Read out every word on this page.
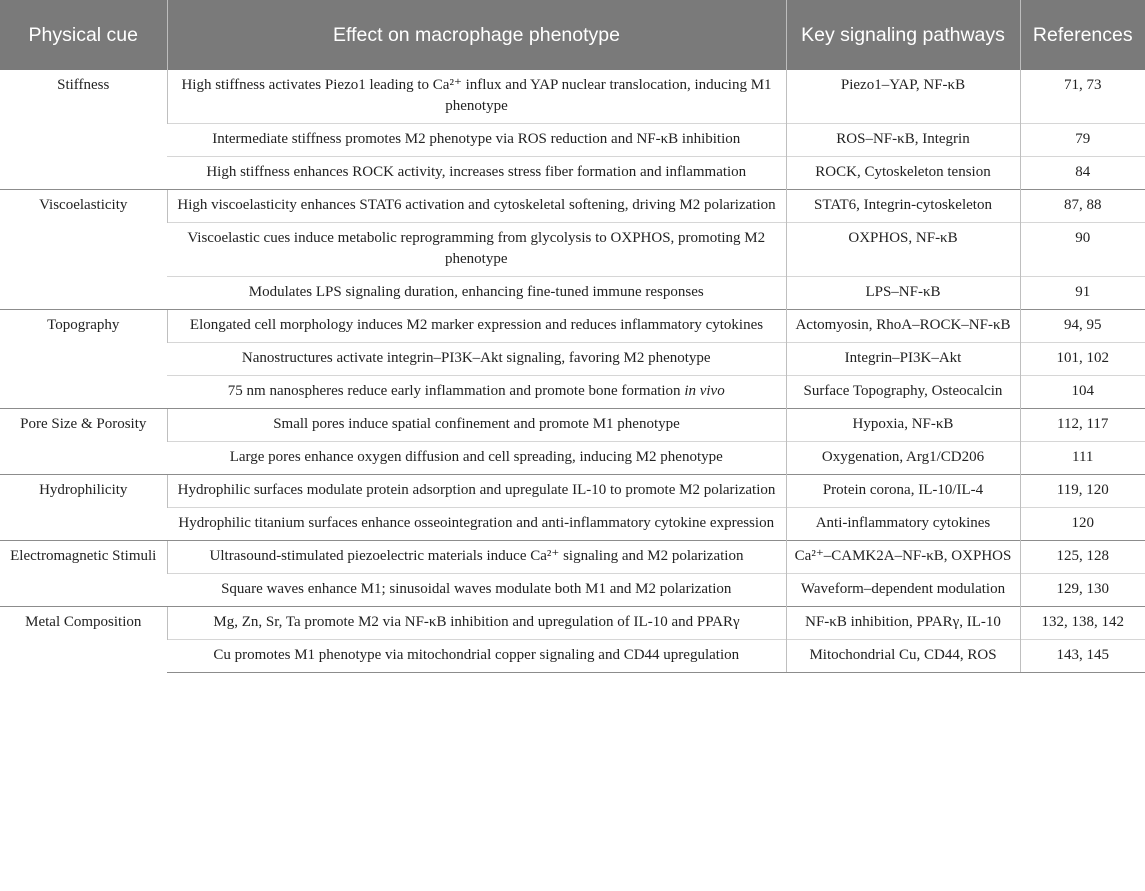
Physical cue	Effect on macrophage phenotype	Key signaling pathways	References
Stiffness	High stiffness activates Piezo1 leading to Ca²⁺ influx and YAP nuclear translocation, inducing M1 phenotype	Piezo1–YAP, NF-κB	71, 73
	Intermediate stiffness promotes M2 phenotype via ROS reduction and NF-κB inhibition	ROS–NF-κB, Integrin	79
	High stiffness enhances ROCK activity, increases stress fiber formation and inflammation	ROCK, Cytoskeleton tension	84
Viscoelasticity	High viscoelasticity enhances STAT6 activation and cytoskeletal softening, driving M2 polarization	STAT6, Integrin-cytoskeleton	87, 88
	Viscoelastic cues induce metabolic reprogramming from glycolysis to OXPHOS, promoting M2 phenotype	OXPHOS, NF-κB	90
	Modulates LPS signaling duration, enhancing fine-tuned immune responses	LPS–NF-κB	91
Topography	Elongated cell morphology induces M2 marker expression and reduces inflammatory cytokines	Actomyosin, RhoA–ROCK–NF-κB	94, 95
	Nanostructures activate integrin–PI3K–Akt signaling, favoring M2 phenotype	Integrin–PI3K–Akt	101, 102
	75 nm nanospheres reduce early inflammation and promote bone formation in vivo	Surface Topography, Osteocalcin	104
Pore Size & Porosity	Small pores induce spatial confinement and promote M1 phenotype	Hypoxia, NF-κB	112, 117
	Large pores enhance oxygen diffusion and cell spreading, inducing M2 phenotype	Oxygenation, Arg1/CD206	111
Hydrophilicity	Hydrophilic surfaces modulate protein adsorption and upregulate IL-10 to promote M2 polarization	Protein corona, IL-10/IL-4	119, 120
	Hydrophilic titanium surfaces enhance osseointegration and anti-inflammatory cytokine expression	Anti-inflammatory cytokines	120
Electromagnetic Stimuli	Ultrasound-stimulated piezoelectric materials induce Ca²⁺ signaling and M2 polarization	Ca²⁺–CAMK2A–NF-κB, OXPHOS	125, 128
	Square waves enhance M1; sinusoidal waves modulate both M1 and M2 polarization	Waveform–dependent modulation	129, 130
Metal Composition	Mg, Zn, Sr, Ta promote M2 via NF-κB inhibition and upregulation of IL-10 and PPARγ	NF-κB inhibition, PPARγ, IL-10	132, 138, 142
	Cu promotes M1 phenotype via mitochondrial copper signaling and CD44 upregulation	Mitochondrial Cu, CD44, ROS	143, 145
